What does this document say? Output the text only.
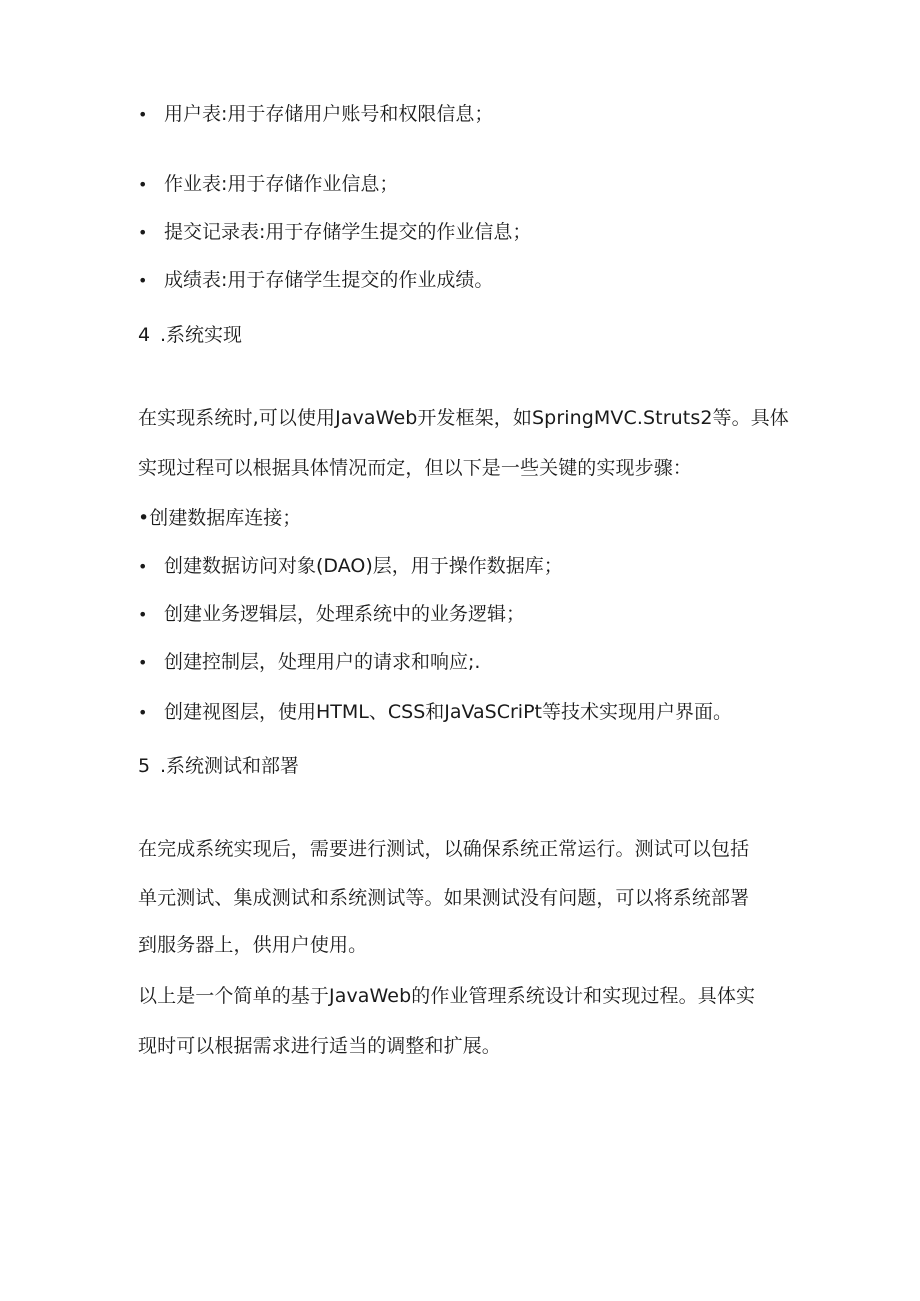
• 用户表:用于存储用户账号和权限信息；
• 作业表:用于存储作业信息；
• 提交记录表:用于存储学生提交的作业信息；
• 成绩表:用于存储学生提交的作业成绩。
4 .系统实现
在实现系统时,可以使用JavaWeb开发框架，如SpringMVC.Struts2等。具体
实现过程可以根据具体情况而定，但以下是一些关键的实现步骤：
•创建数据库连接；
• 创建数据访问对象(DAO)层，用于操作数据库；
• 创建业务逻辑层，处理系统中的业务逻辑；
• 创建控制层，处理用户的请求和响应;.
• 创建视图层，使用HTML、CSS和JaVaSCriPt等技术实现用户界面。
5 .系统测试和部署
在完成系统实现后，需要进行测试，以确保系统正常运行。测试可以包括
单元测试、集成测试和系统测试等。如果测试没有问题，可以将系统部署
到服务器上，供用户使用。
以上是一个简单的基于JavaWeb的作业管理系统设计和实现过程。具体实
现时可以根据需求进行适当的调整和扩展。
